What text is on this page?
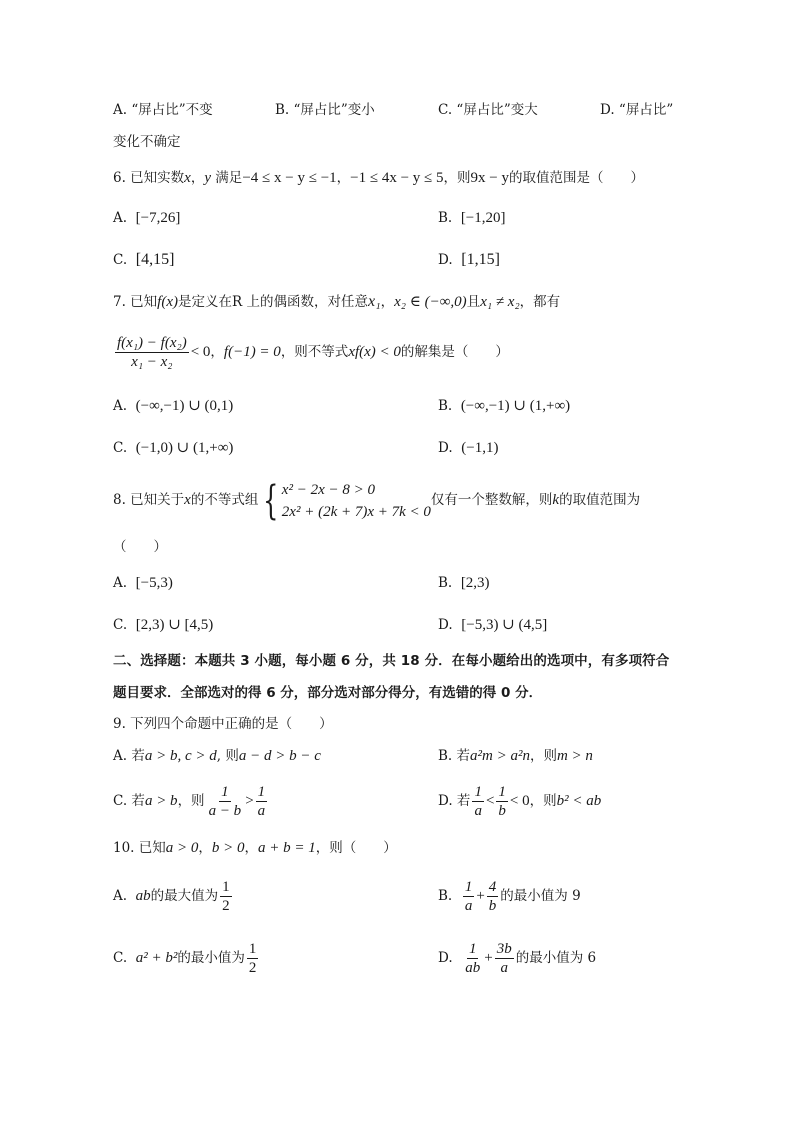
A. “屏占比”不变	B. “屏占比”变小	C. “屏占比”变大	D. “屏占比”
变化不确定
6. 已知实数x，y 满足−4 ≤ x − y ≤ −1，−1 ≤ 4x − y ≤ 5，则9x − y的取值范围是（　　）
A. [−7,26]	B. [−1,20]
C. [4,15]	D. [1,15]
7. 已知f(x)是定义在R 上的偶函数，对任意x₁，x₂ ∈ (−∞,0)且x₁ ≠ x₂，都有
$\frac{\text{f(x₁) − f(x₂)}}{\text{x₁ − x₂}} < 0$，f(−1) = 0，则不等式xf(x) < 0的解集是（　　）
A. (−∞,−1) ∪ (0,1)	B. (−∞,−1) ∪ (1,+∞)
C. (−1,0) ∪ (1,+∞)	D. (−1,1)
8. 已知关于x的不等式组 { x² − 2x − 8 > 0
2x² + (2k + 7)x + 7k < 0
仅有一个整数解，则k的取值范围为
（　　）
A. [−5,3)	B. [2,3)
C. [2,3) ∪ [4,5)	D. [−5,3) ∪ (4,5]
二、选择题：本题共 3 小题，每小题 6 分，共 18 分．在每小题给出的选项中，有多项符合
题目要求．全部选对的得 6 分，部分选对部分得分，有选错的得 0 分．
9. 下列四个命题中正确的是（　　）
A. 若a > b, c > d, 则a − d > b − c	B. 若a²m > a²n，则m > n
C. 若a > b，则 $\frac{1}{a - b} > \frac{1}{a}$	D. 若 $\frac{1}{a} < \frac{1}{b} < 0$，则b² < ab
10. 已知a > 0，b > 0，a + b = 1，则（　　）
A. ab的最大值为 $\frac{1}{2}$	B. $\frac{1}{a} + \frac{4}{b}$ 的最小值为 9
C. a² + b²的最小值为 $\frac{1}{2}$	D. $\frac{1}{ab} + \frac{3b}{a}$ 的最小值为 6
